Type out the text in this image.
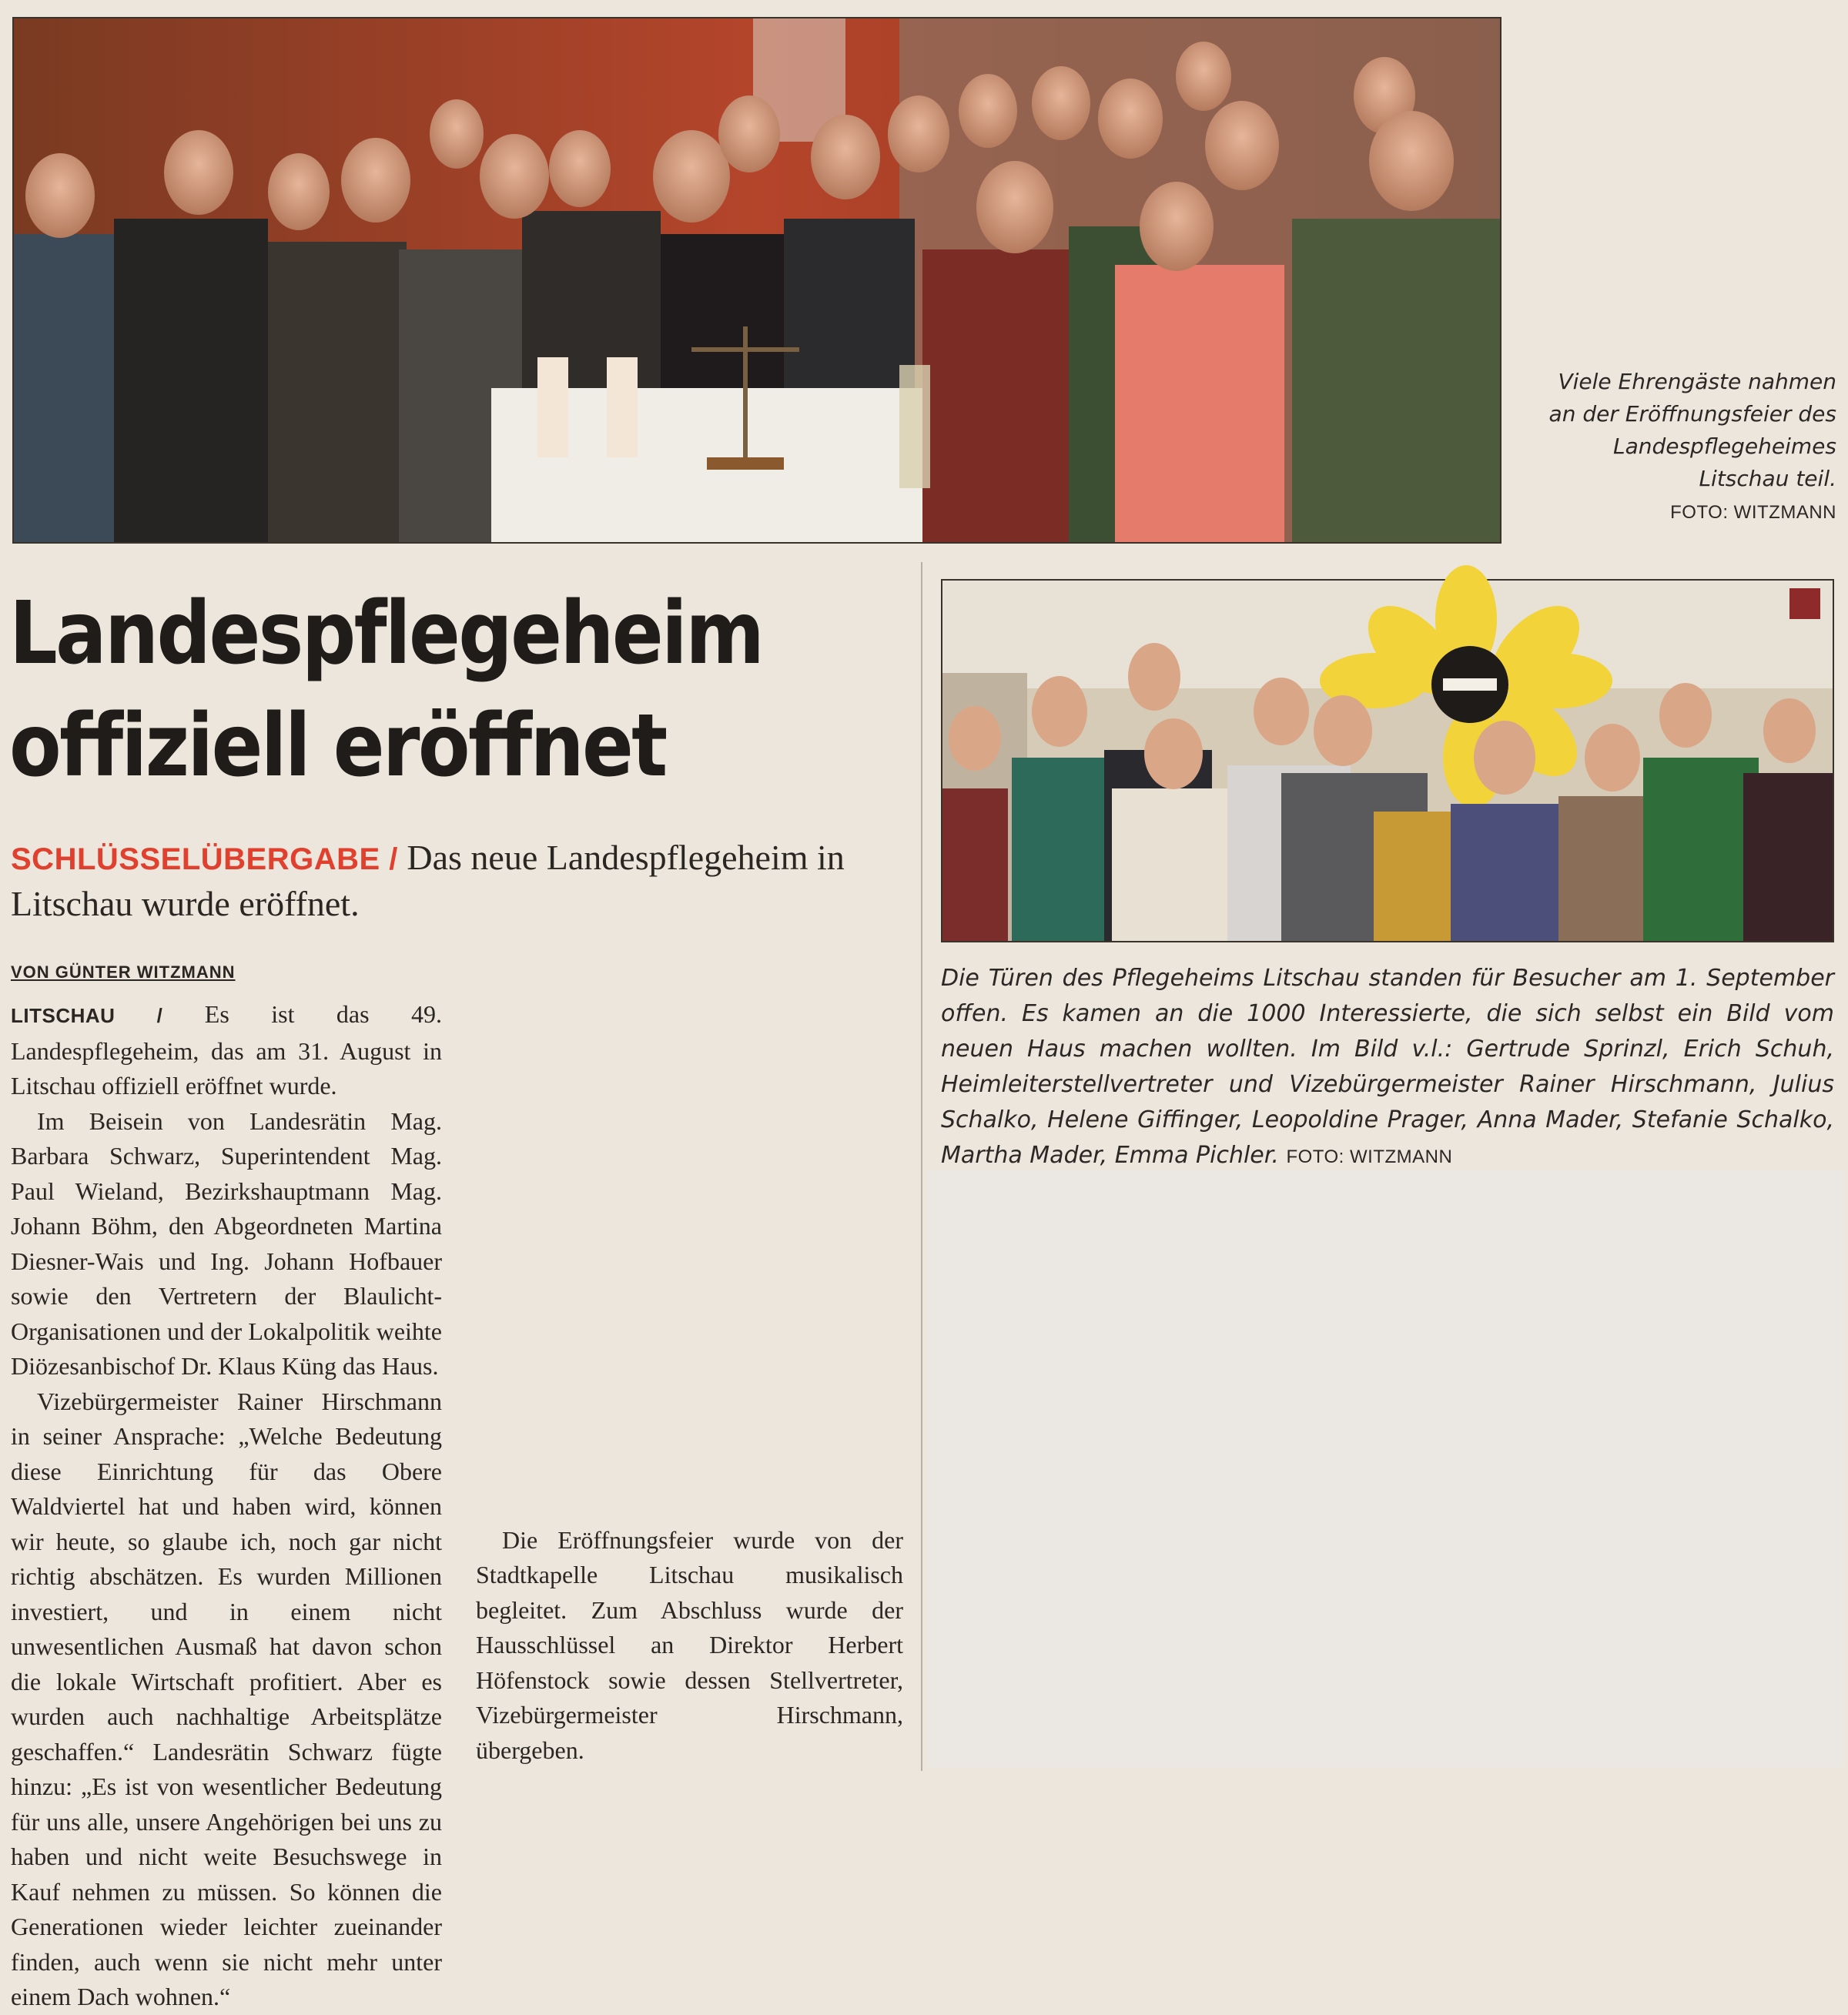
Viele Ehrengäste nahmen an der Eröffnungsfeier des Landespflegeheimes Litschau teil.
FOTO: WITZMANN
Landespflegeheim
offiziell eröffnet
SCHLÜSSELÜBERGABE / Das neue Landespflegeheim in Litschau wurde eröffnet.
VON GÜNTER WITZMANN

LITSCHAU / Es ist das 49. Landespflegeheim, das am 31. August in Litschau offiziell eröffnet wurde.

Im Beisein von Landesrätin Mag. Barbara Schwarz, Superintendent Mag. Paul Wieland, Bezirkshauptmann Mag. Johann Böhm, den Abgeordneten Martina Diesner-Wais und Ing. Johann Hofbauer sowie den Vertretern der Blaulicht-Organisationen und der Lokalpolitik weihte Diözesanbischof Dr. Klaus Küng das Haus.

Vizebürgermeister Rainer Hirschmann in seiner Ansprache: „Welche Bedeutung diese Einrichtung für das Obere Waldviertel hat und haben wird, können wir heute, so glaube ich, noch gar nicht richtig abschätzen. Es wurden Millionen investiert, und in einem nicht unwesentlichen Ausmaß hat davon schon die lokale Wirtschaft profitiert. Aber es wurden auch nachhaltige Arbeitsplätze geschaffen.“ Landesrätin Schwarz fügte hinzu: „Es ist von wesentlicher Bedeutung für uns alle, unsere Angehörigen bei uns zu haben und nicht weite Besuchswege in Kauf nehmen zu müssen. So können die Generationen wieder leichter zueinander finden, auch wenn sie nicht mehr unter einem Dach wohnen.“

Die Eröffnungsfeier wurde von der Stadtkapelle Litschau musikalisch begleitet. Zum Abschluss wurde der Hausschlüssel an Direktor Herbert Höfenstock sowie dessen Stellvertreter, Vizebürgermeister Hirschmann, übergeben.

Die Türen des Pflegeheims Litschau standen für Besucher am 1. September offen. Es kamen an die 1000 Interessierte, die sich selbst ein Bild vom neuen Haus machen wollten. Im Bild v.l.: Gertrude Sprinzl, Erich Schuh, Heimleiterstellvertreter und Vizebürgermeister Rainer Hirschmann, Julius Schalko, Helene Giffinger, Leopoldine Prager, Anna Mader, Stefanie Schalko, Martha Mader, Emma Pichler. FOTO: WITZMANN
